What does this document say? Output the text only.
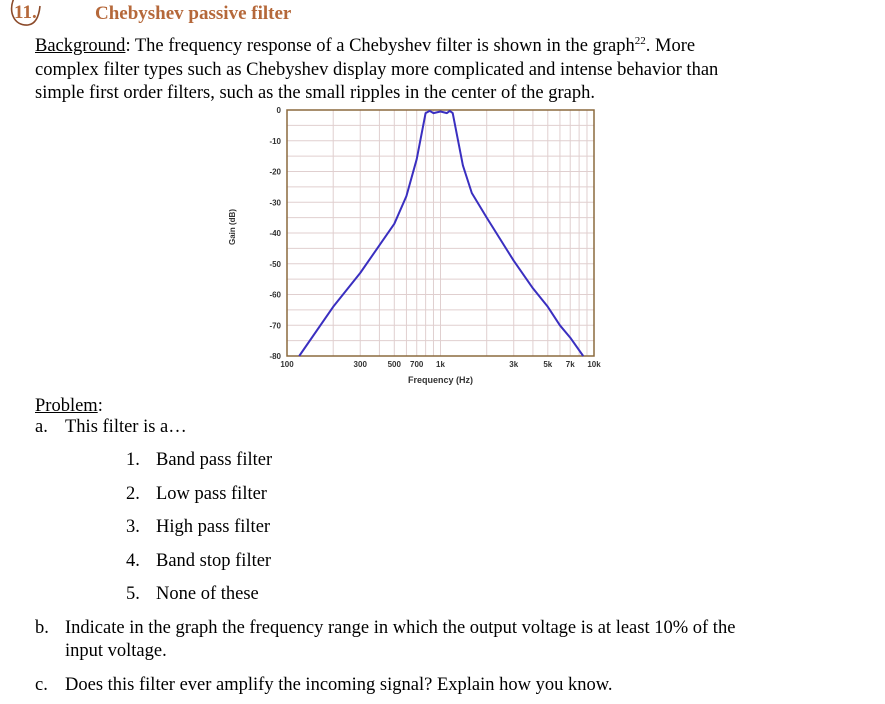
11.	Chebyshev passive filter
Background: The frequency response of a Chebyshev filter is shown in the graph$^{22}$. More
complex filter types such as Chebyshev display more complicated and intense behavior than
simple first order filters, such as the small ripples in the center of the graph.
0
-10
-20
-30
-40
-50
-60
-70
-80
100	300	500 700 1k	3k	5k 7k 10k
Frequency (Hz)
Gain (dB)
Problem:
a. This filter is a…
1. Band pass filter
2. Low pass filter
3. High pass filter
4. Band stop filter
5. None of these
b. Indicate in the graph the frequency range in which the output voltage is at least 10% of the
input voltage.
c. Does this filter ever amplify the incoming signal? Explain how you know.
